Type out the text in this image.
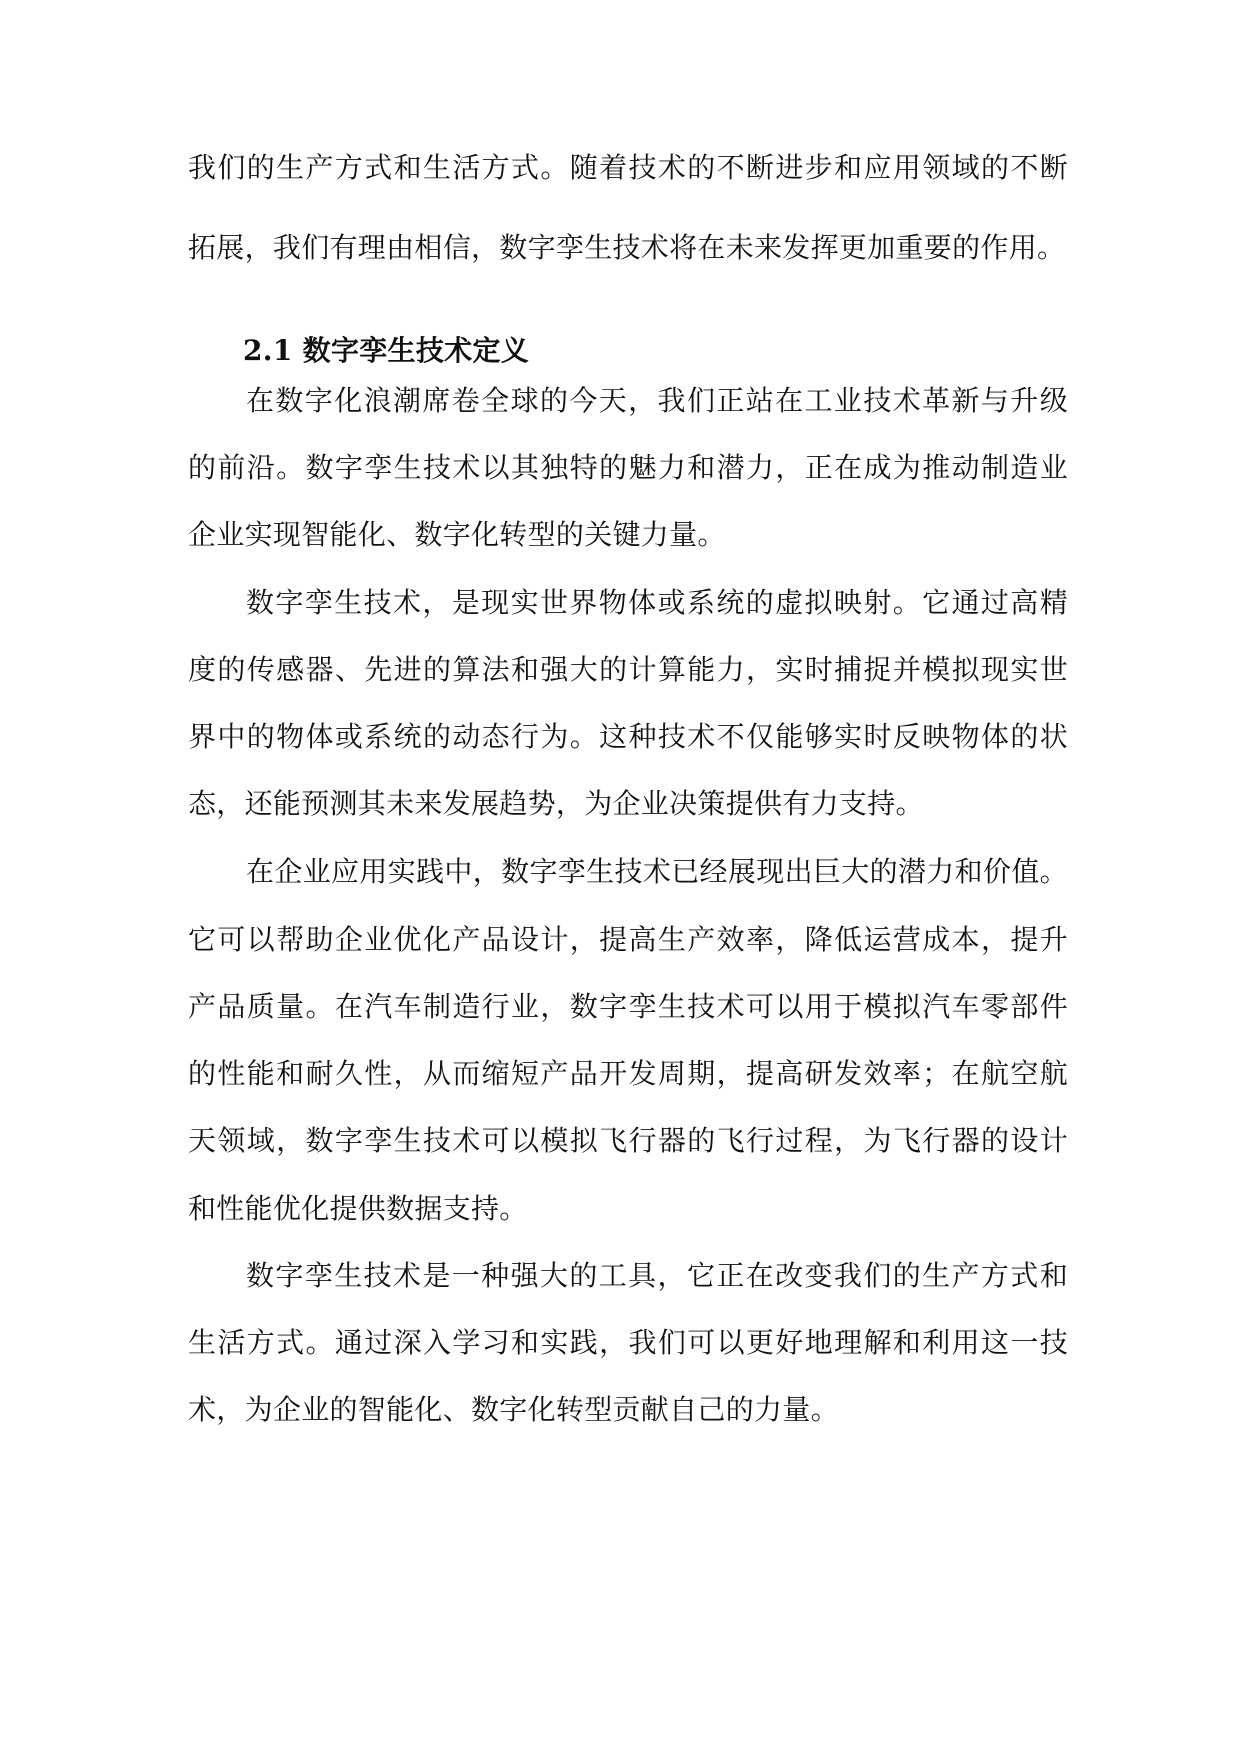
我们的生产方式和生活方式。随着技术的不断进步和应用领域的不断
拓展，我们有理由相信，数字孪生技术将在未来发挥更加重要的作用。
2.1 数字孪生技术定义
在数字化浪潮席卷全球的今天，我们正站在工业技术革新与升级
的前沿。数字孪生技术以其独特的魅力和潜力，正在成为推动制造业
企业实现智能化、数字化转型的关键力量。
数字孪生技术，是现实世界物体或系统的虚拟映射。它通过高精
度的传感器、先进的算法和强大的计算能力，实时捕捉并模拟现实世
界中的物体或系统的动态行为。这种技术不仅能够实时反映物体的状
态，还能预测其未来发展趋势，为企业决策提供有力支持。
在企业应用实践中，数字孪生技术已经展现出巨大的潜力和价值。
它可以帮助企业优化产品设计，提高生产效率，降低运营成本，提升
产品质量。在汽车制造行业，数字孪生技术可以用于模拟汽车零部件
的性能和耐久性，从而缩短产品开发周期，提高研发效率；在航空航
天领域，数字孪生技术可以模拟飞行器的飞行过程，为飞行器的设计
和性能优化提供数据支持。
数字孪生技术是一种强大的工具，它正在改变我们的生产方式和
生活方式。通过深入学习和实践，我们可以更好地理解和利用这一技
术，为企业的智能化、数字化转型贡献自己的力量。
